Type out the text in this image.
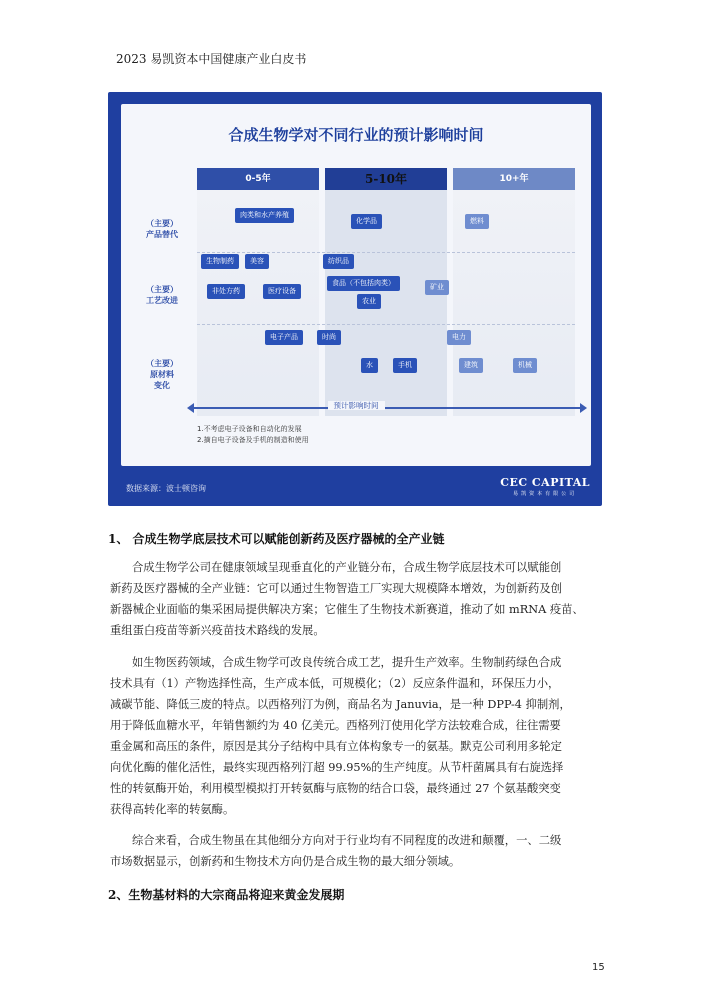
2023 易凯资本中国健康产业白皮书
合成生物学对不同行业的预计影响时间
0-5年	5-10年	10+年
（主要）
产品替代
（主要）
工艺改进
（主要）
原材料
变化
肉类和水产养殖
化学品	燃料
生物制药	美容	纺织品
非处方药	医疗设备
食品（不包括肉类）	矿业
农业
电子产品	时尚	电力
水	手机	建筑	机械
预计影响时间
1.不考虑电子设备和自动化的发展
2.摘自电子设备及手机的制造和使用
数据来源：波士顿咨询	CEC CAPITAL
易凯资本有限公司
1、 合成生物学底层技术可以赋能创新药及医疗器械的全产业链

合成生物学公司在健康领域呈现垂直化的产业链分布，合成生物学底层技术可以赋能创

新药及医疗器械的全产业链：它可以通过生物智造工厂实现大规模降本增效，为创新药及创

新器械企业面临的集采困局提供解决方案；它催生了生物技术新赛道，推动了如 mRNA 疫苗、

重组蛋白疫苗等新兴疫苗技术路线的发展。

如生物医药领域，合成生物学可改良传统合成工艺，提升生产效率。生物制药绿色合成

技术具有（1）产物选择性高，生产成本低，可规模化；（2）反应条件温和，环保压力小，

减碳节能、降低三废的特点。以西格列汀为例，商品名为 Januvia，是一种 DPP-4 抑制剂，

用于降低血糖水平，年销售额约为 40 亿美元。西格列汀使用化学方法较难合成，往往需要

重金属和高压的条件，原因是其分子结构中具有立体构象专一的氨基。默克公司利用多轮定

向优化酶的催化活性，最终实现西格列汀超 99.95%的生产纯度。从节杆菌属具有右旋选择

性的转氨酶开始，利用模型模拟打开转氨酶与底物的结合口袋，最终通过 27 个氨基酸突变

获得高转化率的转氨酶。

综合来看，合成生物虽在其他细分方向对于行业均有不同程度的改进和颠覆，一、二级

市场数据显示，创新药和生物技术方向仍是合成生物的最大细分领域。

2、生物基材料的大宗商品将迎来黄金发展期
15
